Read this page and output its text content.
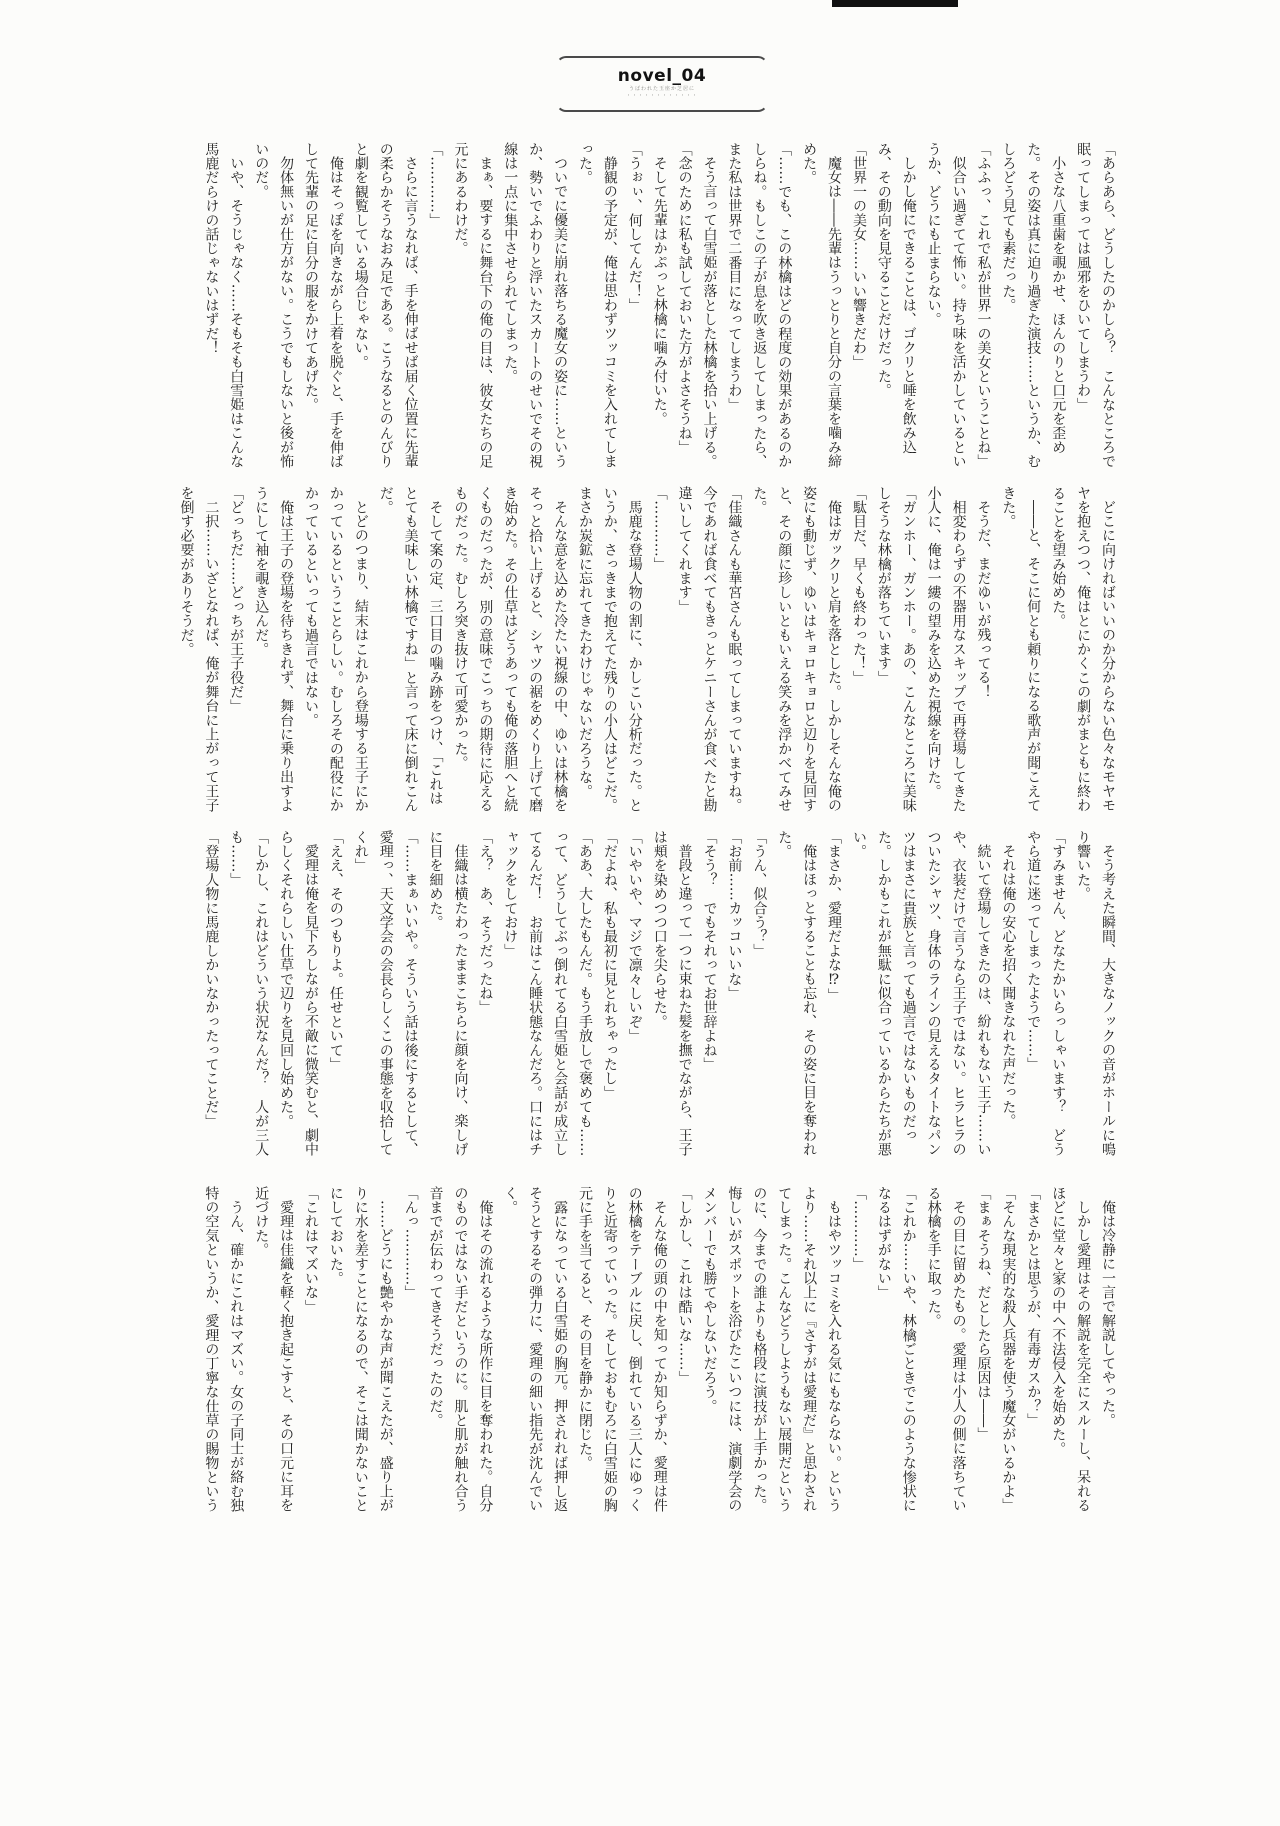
novel_04
うばわれた玉座か芝居に
・・・・・・・・・・・・

「あらあら、どうしたのかしら？　こんなところで眠ってしまっては風邪をひいてしまうわ」

小さな八重歯を覗かせ、ほんのりと口元を歪めた。その姿は真に迫り過ぎた演技……というか、むしろどう見ても素だった。

「ふふっ、これで私が世界一の美女ということね」

似合い過ぎてて怖い。持ち味を活かしているというか、どうにも止まらない。

しかし俺にできることは、ゴクリと唾を飲み込み、その動向を見守ることだけだった。

「世界一の美女……いい響きだわ」

魔女は――先輩はうっとりと自分の言葉を噛み締めた。

「……でも、この林檎はどの程度の効果があるのかしらね。もしこの子が息を吹き返してしまったら、また私は世界で二番目になってしまうわ」

そう言って白雪姫が落とした林檎を拾い上げる。

「念のために私も試しておいた方がよさそうね」

そして先輩はかぷっと林檎に噛み付いた。

「うぉぃ、何してんだ！」

静観の予定が、俺は思わずツッコミを入れてしまった。

ついでに優美に崩れ落ちる魔女の姿に……というか、勢いでふわりと浮いたスカートのせいでその視線は一点に集中させられてしまった。

まぁ、要するに舞台下の俺の目は、彼女たちの足元にあるわけだ。

「…………」

さらに言うなれば、手を伸ばせば届く位置に先輩の柔らかそうなおみ足である。こうなるとのんびりと劇を観覧している場合じゃない。

俺はそっぽを向きながら上着を脱ぐと、手を伸ばして先輩の足に自分の服をかけてあげた。

勿体無いが仕方がない。こうでもしないと後が怖いのだ。

いや、そうじゃなく……そもそも白雪姫はこんな馬鹿だらけの話じゃないはずだ！

どこに向ければいいのか分からない色々なモヤモヤを抱えつつ、俺はとにかくこの劇がまともに終わることを望み始めた。

――と、そこに何とも頼りになる歌声が聞こえてきた。

そうだ、まだゆいが残ってる！

相変わらずの不器用なスキップで再登場してきた小人に、俺は一縷の望みを込めた視線を向けた。

「ガンホー、ガンホー。あの、こんなところに美味しそうな林檎が落ちています」

「駄目だ、早くも終わった！」

俺はガックリと肩を落とした。しかしそんな俺の姿にも動じず、ゆいはキョロキョロと辺りを見回すと、その顔に珍しいともいえる笑みを浮かべてみせた。

「佳織さんも華宮さんも眠ってしまっていますね。今であれば食べてもきっとケニーさんが食べたと勘違いしてくれます」

「…………」

馬鹿な登場人物の割に、かしこい分析だった。というか、さっきまで抱えてた残りの小人はどこだ。まさか炭鉱に忘れてきたわけじゃないだろうな。

そんな意を込めた冷たい視線の中、ゆいは林檎をそっと拾い上げると、シャツの裾をめくり上げて磨き始めた。その仕草はどうあっても俺の落胆へと続くものだったが、別の意味でこっちの期待に応えるものだった。むしろ突き抜けて可愛かった。

そして案の定、三口目の噛み跡をつけ、「これはとても美味しい林檎ですね」と言って床に倒れこんだ。

とどのつまり、結末はこれから登場する王子にかかっているということらしい。むしろその配役にかかっているといっても過言ではない。

俺は王子の登場を待ちきれず、舞台に乗り出すようにして袖を覗き込んだ。

「どっちだ……どっちが王子役だ」

二択……いざとなれば、俺が舞台に上がって王子を倒す必要がありそうだ。

そう考えた瞬間、大きなノックの音がホールに鳴り響いた。

「すみません、どなたかいらっしゃいます？　どうやら道に迷ってしまったようで……」

それは俺の安心を招く聞きなれた声だった。

続いて登場してきたのは、紛れもない王子……いや、衣装だけで言うなら王子ではない。ヒラヒラのついたシャツ、身体のラインの見えるタイトなパンツはまさに貴族と言っても過言ではないものだった。しかもこれが無駄に似合っているからたちが悪い。

「まさか、愛理だよな⁉」

俺はほっとすることも忘れ、その姿に目を奪われた。

「うん、似合う？」

「お前……カッコいいな」

「そう？　でもそれってお世辞よね」

普段と違って一つに束ねた髪を撫でながら、王子は頬を染めつつ口を尖らせた。

「いやいや、マジで凛々しいぞ」

「だよね、私も最初に見とれちゃったし」

「ああ、大したもんだ。もう手放しで褒めても……って、どうしてぶっ倒れてる白雪姫と会話が成立してるんだ！　お前はこん睡状態なんだろ。口にはチャックをしておけ」

「え？　あ、そうだったね」

佳織は横たわったままこちらに顔を向け、楽しげに目を細めた。

「……まぁいいや。そういう話は後にするとして、愛理っ、天文学会の会長らしくこの事態を収拾してくれ」

「ええ、そのつもりよ。任せといて」

愛理は俺を見下ろしながら不敵に微笑むと、劇中らしくそれらしい仕草で辺りを見回し始めた。

「しかし、これはどういう状況なんだ？　人が三人も……」

「登場人物に馬鹿しかいなかったってことだ」

俺は冷静に一言で解説してやった。

しかし愛理はその解説を完全にスルーし、呆れるほどに堂々と家の中へ不法侵入を始めた。

「まさかとは思うが、有毒ガスか？」

「そんな現実的な殺人兵器を使う魔女がいるかよ」

「まぁそうね、だとしたら原因は――」

その目に留めたもの。愛理は小人の側に落ちている林檎を手に取った。

「これか……いや、林檎ごときでこのような惨状になるはずがない」

「…………」

もはやツッコミを入れる気にもならない。というより……それ以上に『さすがは愛理だ』と思わされてしまった。こんなどうしようもない展開だというのに、今までの誰よりも格段に演技が上手かった。悔しいがスポットを浴びたこいつには、演劇学会のメンバーでも勝てやしないだろう。

「しかし、これは酷いな……」

そんな俺の頭の中を知ってか知らずか、愛理は件の林檎をテーブルに戻し、倒れている三人にゆっくりと近寄っていった。そしておもむろに白雪姫の胸元に手を当てると、その目を静かに閉じた。

露になっている白雪姫の胸元。押されれば押し返そうとするその弾力に、愛理の細い指先が沈んでいく。

俺はその流れるような所作に目を奪われた。自分のものではない手だというのに。肌と肌が触れ合う音までが伝わってきそうだったのだ。

「んっ…………」

……どうにも艶やかな声が聞こえたが、盛り上がりに水を差すことになるので、そこは聞かないことにしておいた。

「これはマズいな」

愛理は佳織を軽く抱き起こすと、その口元に耳を近づけた。

うん、確かにこれはマズい。女の子同士が絡む独特の空気というか、愛理の丁寧な仕草の賜物という
